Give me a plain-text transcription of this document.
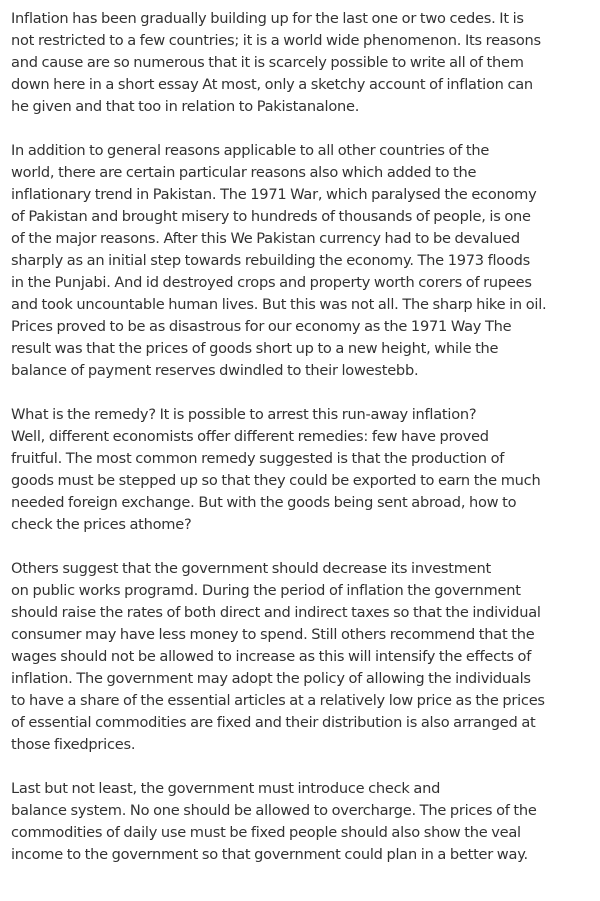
Inflation has been gradually building up for the last one or two cedes. It is
not restricted to a few countries; it is a world wide phenomenon. Its reasons
and cause are so numerous that it is scarcely possible to write all of them
down here in a short essay At most, only a sketchy account of inflation can
he given and that too in relation to Pakistanalone.

In addition to general reasons applicable to all other countries of the
world, there are certain particular reasons also which added to the
inflationary trend in Pakistan. The 1971 War, which paralysed the economy
of Pakistan and brought misery to hundreds of thousands of people, is one
of the major reasons. After this We Pakistan currency had to be devalued
sharply as an initial step towards rebuilding the economy. The 1973 floods
in the Punjabi. And id destroyed crops and property worth corers of rupees
and took uncountable human lives. But this was not all. The sharp hike in oil.
Prices proved to be as disastrous for our economy as the 1971 Way The
result was that the prices of goods short up to a new height, while the
balance of payment reserves dwindled to their lowestebb.

What is the remedy? It is possible to arrest this run-away inflation?
Well, different economists offer different remedies: few have proved
fruitful. The most common remedy suggested is that the production of
goods must be stepped up so that they could be exported to earn the much
needed foreign exchange. But with the goods being sent abroad, how to
check the prices athome?

Others suggest that the government should decrease its investment
on public works programd. During the period of inflation the government
should raise the rates of both direct and indirect taxes so that the individual
consumer may have less money to spend. Still others recommend that the
wages should not be allowed to increase as this will intensify the effects of
inflation. The government may adopt the policy of allowing the individuals
to have a share of the essential articles at a relatively low price as the prices
of essential commodities are fixed and their distribution is also arranged at
those fixedprices.

Last but not least, the government must introduce check and
balance system. No one should be allowed to overcharge. The prices of the
commodities of daily use must be fixed people should also show the veal
income to the government so that government could plan in a better way.
